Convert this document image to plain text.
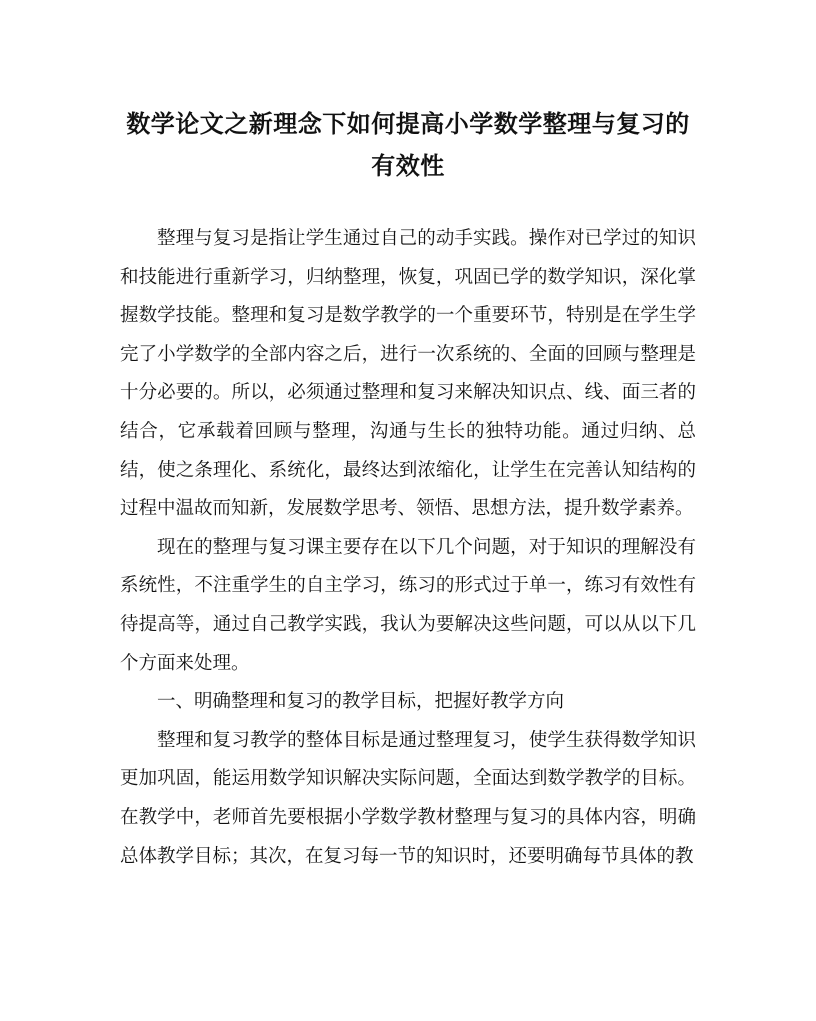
数学论文之新理念下如何提高小学数学整理与复习的
有效性

整理与复习是指让学生通过自己的动手实践。操作对已学过的知识和技能进行重新学习，归纳整理，恢复，巩固已学的数学知识，深化掌握数学技能。整理和复习是数学教学的一个重要环节，特别是在学生学完了小学数学的全部内容之后，进行一次系统的、全面的回顾与整理是十分必要的。所以，必须通过整理和复习来解决知识点、线、面三者的结合，它承载着回顾与整理，沟通与生长的独特功能。通过归纳、总结，使之条理化、系统化，最终达到浓缩化，让学生在完善认知结构的过程中温故而知新，发展数学思考、领悟、思想方法，提升数学素养。

现在的整理与复习课主要存在以下几个问题，对于知识的理解没有系统性，不注重学生的自主学习，练习的形式过于单一，练习有效性有待提高等，通过自己教学实践，我认为要解决这些问题，可以从以下几个方面来处理。

一、明确整理和复习的教学目标，把握好教学方向

整理和复习教学的整体目标是通过整理复习，使学生获得数学知识更加巩固，能运用数学知识解决实际问题，全面达到数学教学的目标。在教学中，老师首先要根据小学数学教材整理与复习的具体内容，明确总体教学目标；其次，在复习每一节的知识时，还要明确每节具体的教
